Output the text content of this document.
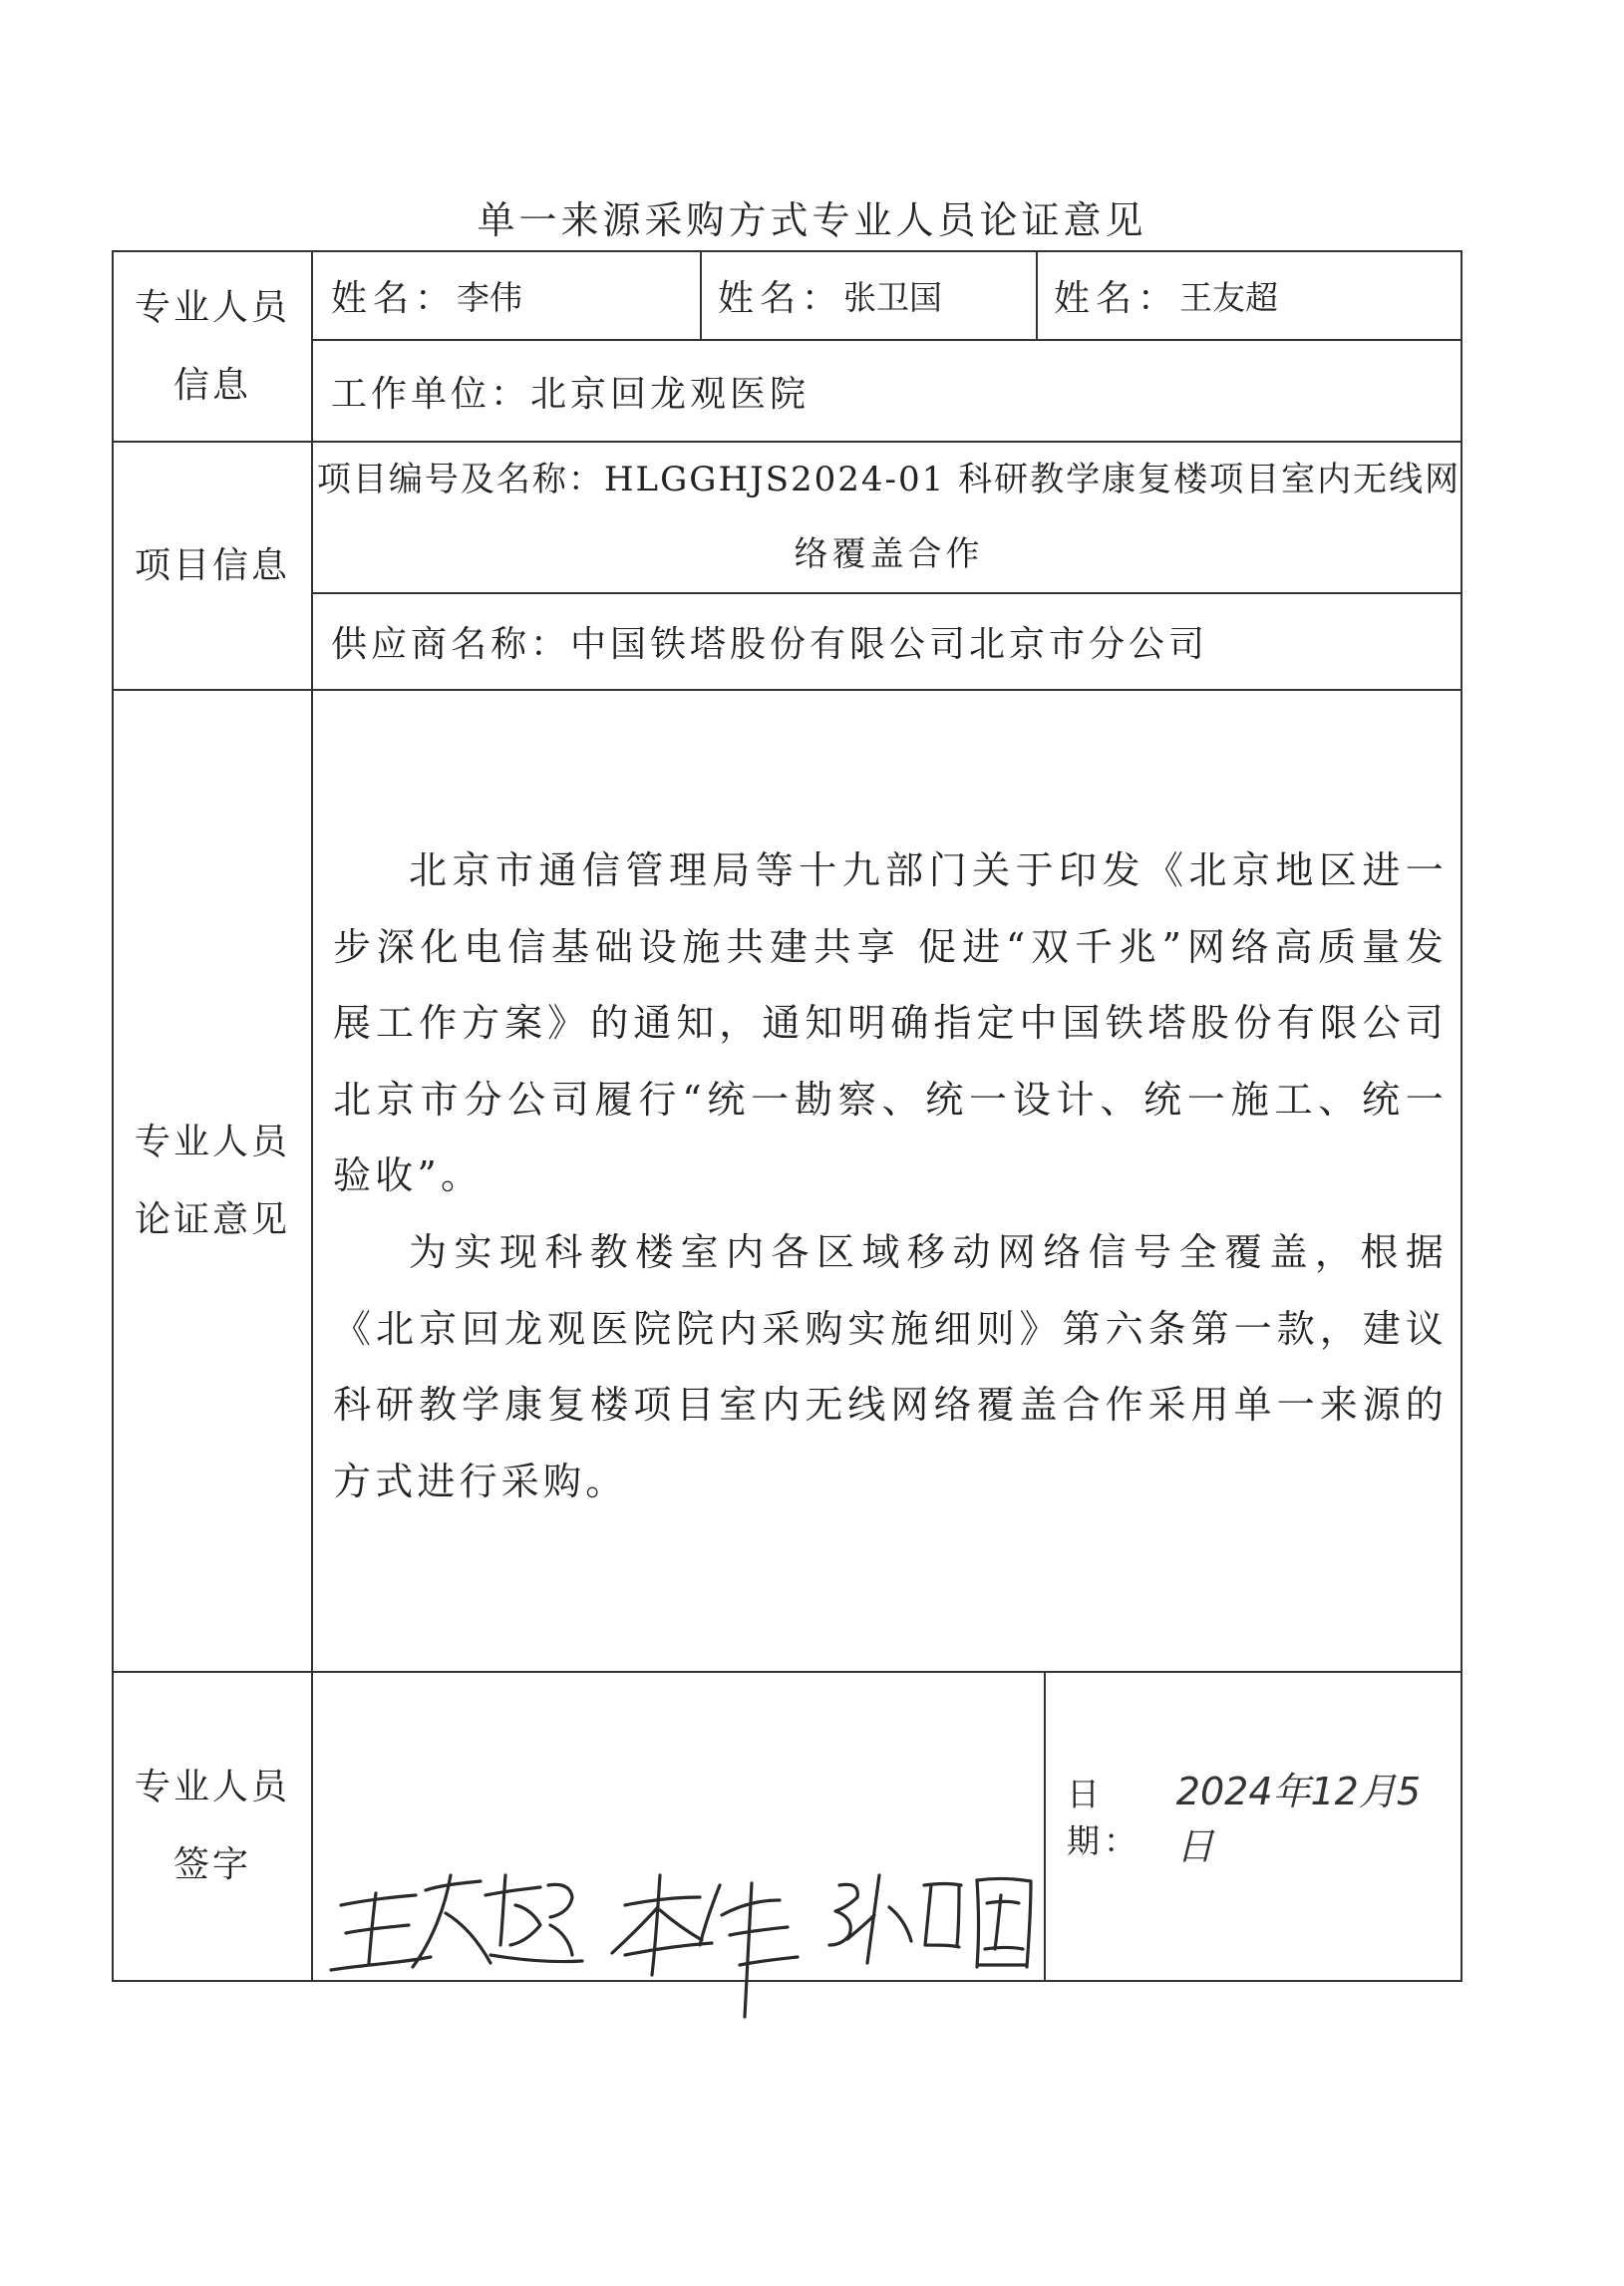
单一来源采购方式专业人员论证意见
专业人员
信息
姓名： 李伟	姓名： 张卫国	姓名： 王友超
工作单位： 北京回龙观医院
项目信息
项目编号及名称：HLGGHJS2024-01 科研教学康复楼项目室内无线网
络覆盖合作
供应商名称： 中国铁塔股份有限公司北京市分公司
专业人员
论证意见
北京市通信管理局等十九部门关于印发《北京地区进一步深化电信基础设施共建共享 促进“双千兆”网络高质量发展工作方案》的通知，通知明确指定中国铁塔股份有限公司北京市分公司履行“统一勘察、统一设计、统一施工、统一验收”。
为实现科教楼室内各区域移动网络信号全覆盖，根据《北京回龙观医院院内采购实施细则》第六条第一款，建议科研教学康复楼项目室内无线网络覆盖合作采用单一来源的方式进行采购。
专业人员
签字
日期：
2024年12月5日
